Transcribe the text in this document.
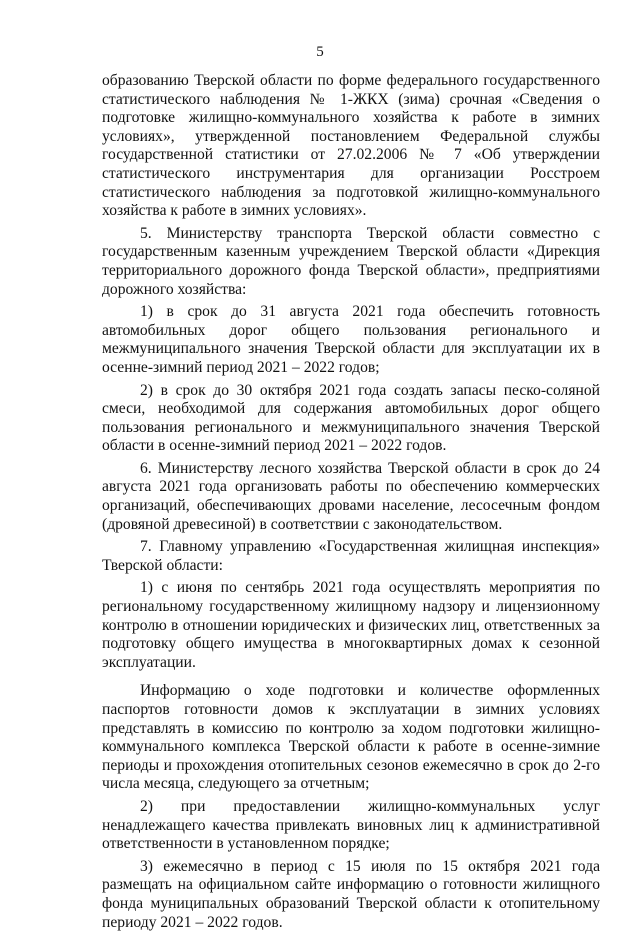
5

образованию Тверской области по форме федерального государственного статистического наблюдения № 1-ЖКХ (зима) срочная «Сведения о подготовке жилищно-коммунального хозяйства к работе в зимних условиях», утвержденной постановлением Федеральной службы государственной статистики от 27.02.2006 № 7 «Об утверждении статистического инструментария для организации Росстроем статистического наблюдения за подготовкой жилищно-коммунального хозяйства к работе в зимних условиях».

5. Министерству транспорта Тверской области совместно с государственным казенным учреждением Тверской области «Дирекция территориального дорожного фонда Тверской области», предприятиями дорожного хозяйства:

1) в срок до 31 августа 2021 года обеспечить готовность автомобильных дорог общего пользования регионального и межмуниципального значения Тверской области для эксплуатации их в осенне-зимний период 2021 – 2022 годов;

2) в срок до 30 октября 2021 года создать запасы песко-соляной смеси, необходимой для содержания автомобильных дорог общего пользования регионального и межмуниципального значения Тверской области в осенне-зимний период 2021 – 2022 годов.

6. Министерству лесного хозяйства Тверской области в срок до 24 августа 2021 года организовать работы по обеспечению коммерческих организаций, обеспечивающих дровами население, лесосечным фондом (дровяной древесиной) в соответствии с законодательством.

7. Главному управлению «Государственная жилищная инспекция» Тверской области:

1) с июня по сентябрь 2021 года осуществлять мероприятия по региональному государственному жилищному надзору и лицензионному контролю в отношении юридических и физических лиц, ответственных за подготовку общего имущества в многоквартирных домах к сезонной эксплуатации.

Информацию о ходе подготовки и количестве оформленных паспортов готовности домов к эксплуатации в зимних условиях представлять в комиссию по контролю за ходом подготовки жилищно-коммунального комплекса Тверской области к работе в осенне-зимние периоды и прохождения отопительных сезонов ежемесячно в срок до 2-го числа месяца, следующего за отчетным;

2) при предоставлении жилищно-коммунальных услуг ненадлежащего качества привлекать виновных лиц к административной ответственности в установленном порядке;

3) ежемесячно в период с 15 июля по 15 октября 2021 года размещать на официальном сайте информацию о готовности жилищного фонда муниципальных образований Тверской области к отопительному периоду 2021 – 2022 годов.
